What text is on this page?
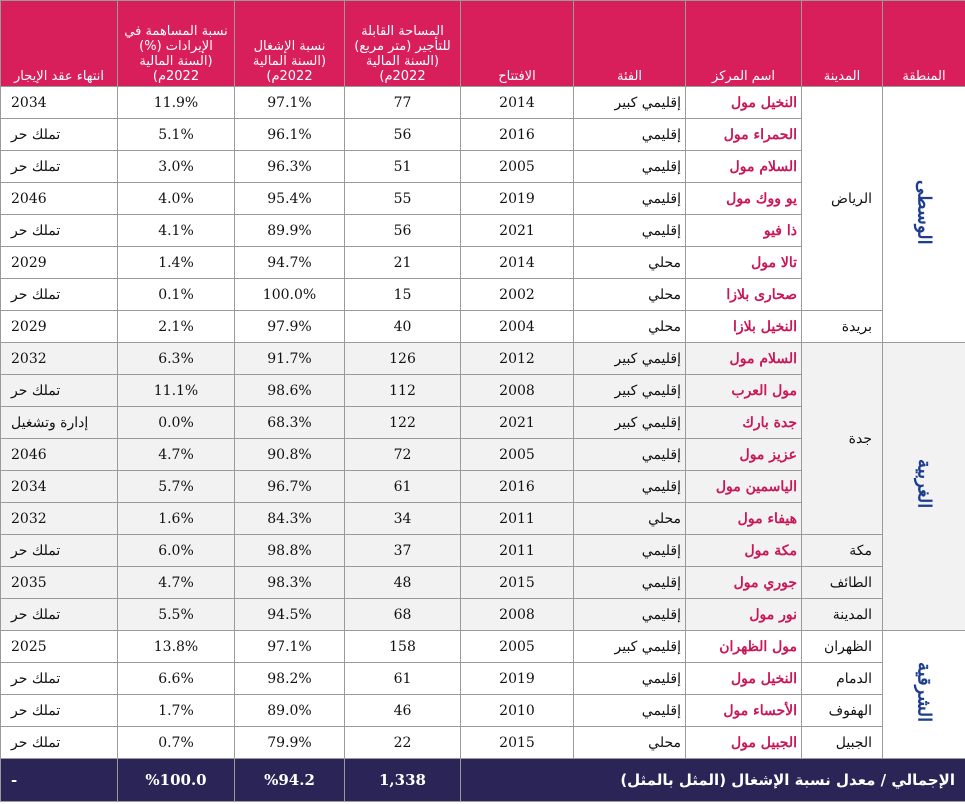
المنطقة	المدينة	اسم المركز	الفئة	الافتتاح	المساحة القابلة للتأجير (متر مربع) (السنة المالية 2022م)	نسبة الإشغال (السنة المالية 2022م)	نسبة المساهمة في الإيرادات (%) (السنة المالية 2022م)	انتهاء عقد الإيجار
الوسطى	الرياض	النخيل مول	إقليمي كبير	2014	77	97.1%	11.9%	2034
		الحمراء مول	إقليمي	2016	56	96.1%	5.1%	تملك حر
		السلام مول	إقليمي	2005	51	96.3%	3.0%	تملك حر
		يو ووك مول	إقليمي	2019	55	95.4%	4.0%	2046
		ذا فيو	إقليمي	2021	56	89.9%	4.1%	تملك حر
		تالا مول	محلي	2014	21	94.7%	1.4%	2029
		صحارى بلازا	محلي	2002	15	100.0%	0.1%	تملك حر
	بريدة	النخيل بلازا	محلي	2004	40	97.9%	2.1%	2029
الغربية	جدة	السلام مول	إقليمي كبير	2012	126	91.7%	6.3%	2032
		مول العرب	إقليمي كبير	2008	112	98.6%	11.1%	تملك حر
		جدة بارك	إقليمي كبير	2021	122	68.3%	0.0%	إدارة وتشغيل
		عزيز مول	إقليمي	2005	72	90.8%	4.7%	2046
		الياسمين مول	إقليمي	2016	61	96.7%	5.7%	2034
		هيفاء مول	محلي	2011	34	84.3%	1.6%	2032
	مكة	مكة مول	إقليمي	2011	37	98.8%	6.0%	تملك حر
	الطائف	جوري مول	إقليمي	2015	48	98.3%	4.7%	2035
	المدينة	نور مول	إقليمي	2008	68	94.5%	5.5%	تملك حر
الشرقية	الظهران	مول الظهران	إقليمي كبير	2005	158	97.1%	13.8%	2025
	الدمام	النخيل مول	إقليمي	2019	61	98.2%	6.6%	تملك حر
	الهفوف	الأحساء مول	إقليمي	2010	46	89.0%	1.7%	تملك حر
	الجبيل	الجبيل مول	محلي	2015	22	79.9%	0.7%	تملك حر
الإجمالي / معدل نسبة الإشغال (المثل بالمثل)					1,338	%94.2	%100.0	-
